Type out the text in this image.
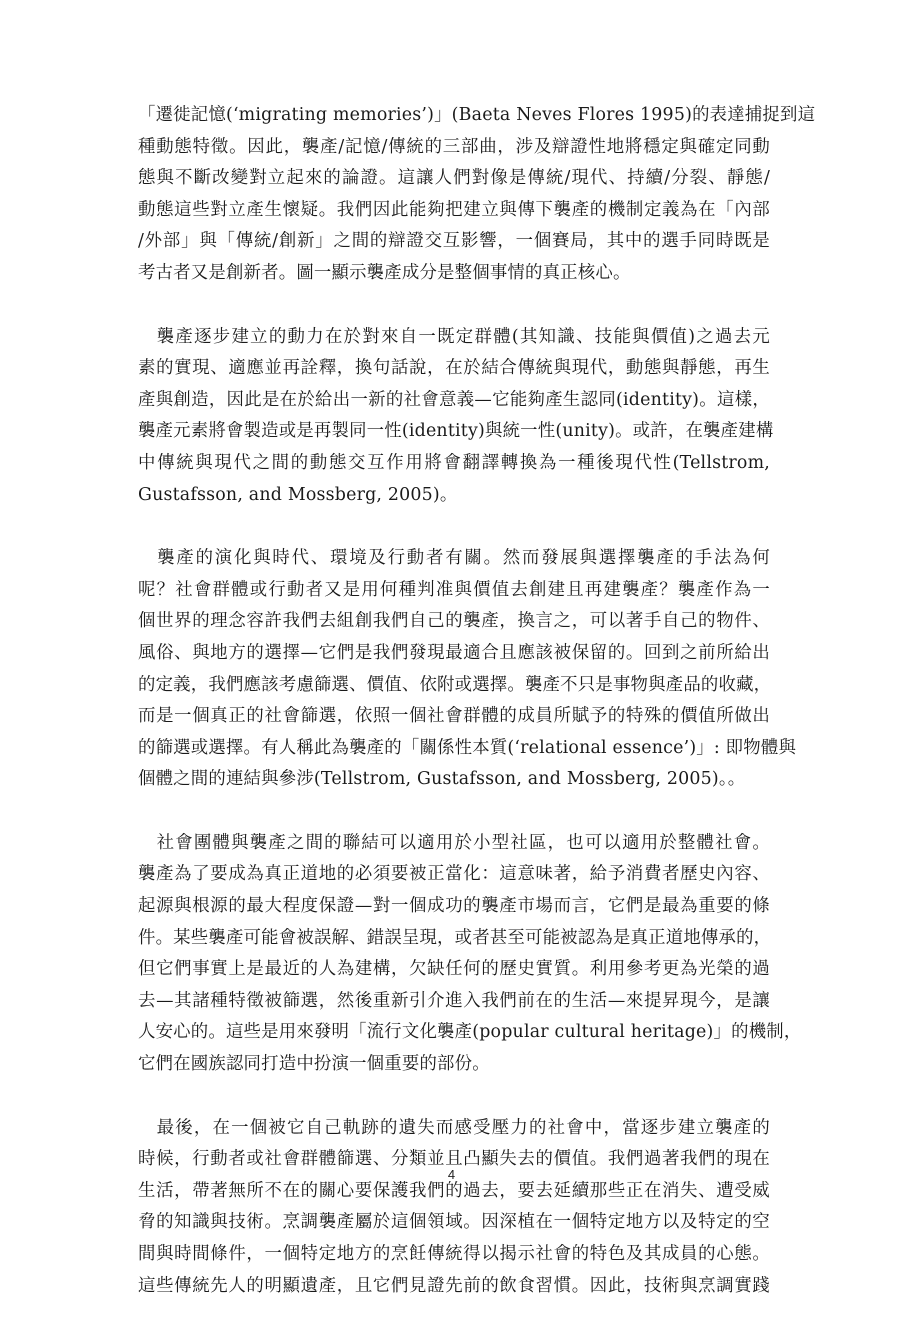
「遷徙記憶(‘migrating memories’)」(Baeta Neves Flores 1995)的表達捕捉到這
種動態特徵。因此，襲產/記憶/傳統的三部曲，涉及辯證性地將穩定與確定同動
態與不斷改變對立起來的論證。這讓人們對像是傳統/現代、持續/分裂、靜態/
動態這些對立產生懷疑。我們因此能夠把建立與傳下襲產的機制定義為在「內部
/外部」與「傳統/創新」之間的辯證交互影響，一個賽局，其中的選手同時既是
考古者又是創新者。圖一顯示襲產成分是整個事情的真正核心。
　襲產逐步建立的動力在於對來自一既定群體(其知識、技能與價值)之過去元
素的實現、適應並再詮釋，換句話說，在於結合傳統與現代，動態與靜態，再生
產與創造，因此是在於給出一新的社會意義—它能夠產生認同(identity)。這樣，
襲產元素將會製造或是再製同一性(identity)與統一性(unity)。或許，在襲產建構
中傳統與現代之間的動態交互作用將會翻譯轉換為一種後現代性(Tellstrom,
Gustafsson, and Mossberg, 2005)。
　襲產的演化與時代、環境及行動者有關。然而發展與選擇襲產的手法為何
呢？社會群體或行動者又是用何種判准與價值去創建且再建襲產？襲產作為一
個世界的理念容許我們去組創我們自己的襲產，換言之，可以著手自己的物件、
風俗、與地方的選擇—它們是我們發現最適合且應該被保留的。回到之前所給出
的定義，我們應該考慮篩選、價值、依附或選擇。襲產不只是事物與產品的收藏，
而是一個真正的社會篩選，依照一個社會群體的成員所賦予的特殊的價值所做出
的篩選或選擇。有人稱此為襲產的「關係性本質(‘relational essence’)」: 即物體與
個體之間的連結與參涉(Tellstrom, Gustafsson, and Mossberg, 2005)。。
　社會團體與襲產之間的聯結可以適用於小型社區，也可以適用於整體社會。
襲產為了要成為真正道地的必須要被正當化：這意味著，給予消費者歷史內容、
起源與根源的最大程度保證—對一個成功的襲產市場而言，它們是最為重要的條
件。某些襲產可能會被誤解、錯誤呈現，或者甚至可能被認為是真正道地傳承的，
但它們事實上是最近的人為建構，欠缺任何的歷史實質。利用參考更為光榮的過
去—其諸種特徵被篩選，然後重新引介進入我們前在的生活—來提昇現今，是讓
人安心的。這些是用來發明「流行文化襲產(popular cultural heritage)」的機制，
它們在國族認同打造中扮演一個重要的部份。
　最後，在一個被它自己軌跡的遺失而感受壓力的社會中，當逐步建立襲產的
時候，行動者或社會群體篩選、分類並且凸顯失去的價值。我們過著我們的現在
生活，帶著無所不在的關心要保護我們的過去，要去延續那些正在消失、遭受威
脅的知識與技術。烹調襲產屬於這個領域。因深植在一個特定地方以及特定的空
間與時間條件，一個特定地方的烹飪傳統得以揭示社會的特色及其成員的心態。
這些傳統先人的明顯遺產，且它們見證先前的飲食習慣。因此，技術與烹調實踐
4
